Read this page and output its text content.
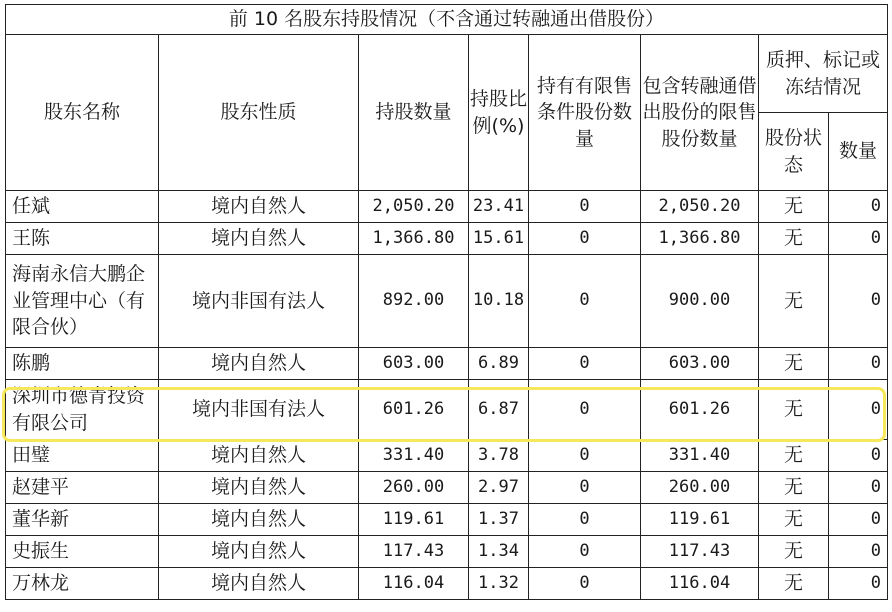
前 10 名股东持股情况（不含通过转融通出借股份）							
股东名称	股东性质	持股数量	持股比例(%)	持有有限售条件股份数量	包含转融通借出股份的限售股份数量	质押、标记或冻结情况	
						股份状态	数量
任斌	境内自然人	2,050.20	23.41	0	2,050.20	无	0
王陈	境内自然人	1,366.80	15.61	0	1,366.80	无	0
海南永信大鹏企业管理中心（有限合伙）	境内非国有法人	892.00	10.18	0	900.00	无	0
陈鹏	境内自然人	603.00	6.89	0	603.00	无	0
深圳市德青投资有限公司	境内非国有法人	601.26	6.87	0	601.26	无	0
田璧	境内自然人	331.40	3.78	0	331.40	无	0
赵建平	境内自然人	260.00	2.97	0	260.00	无	0
董华新	境内自然人	119.61	1.37	0	119.61	无	0
史振生	境内自然人	117.43	1.34	0	117.43	无	0
万林龙	境内自然人	116.04	1.32	0	116.04	无	0
